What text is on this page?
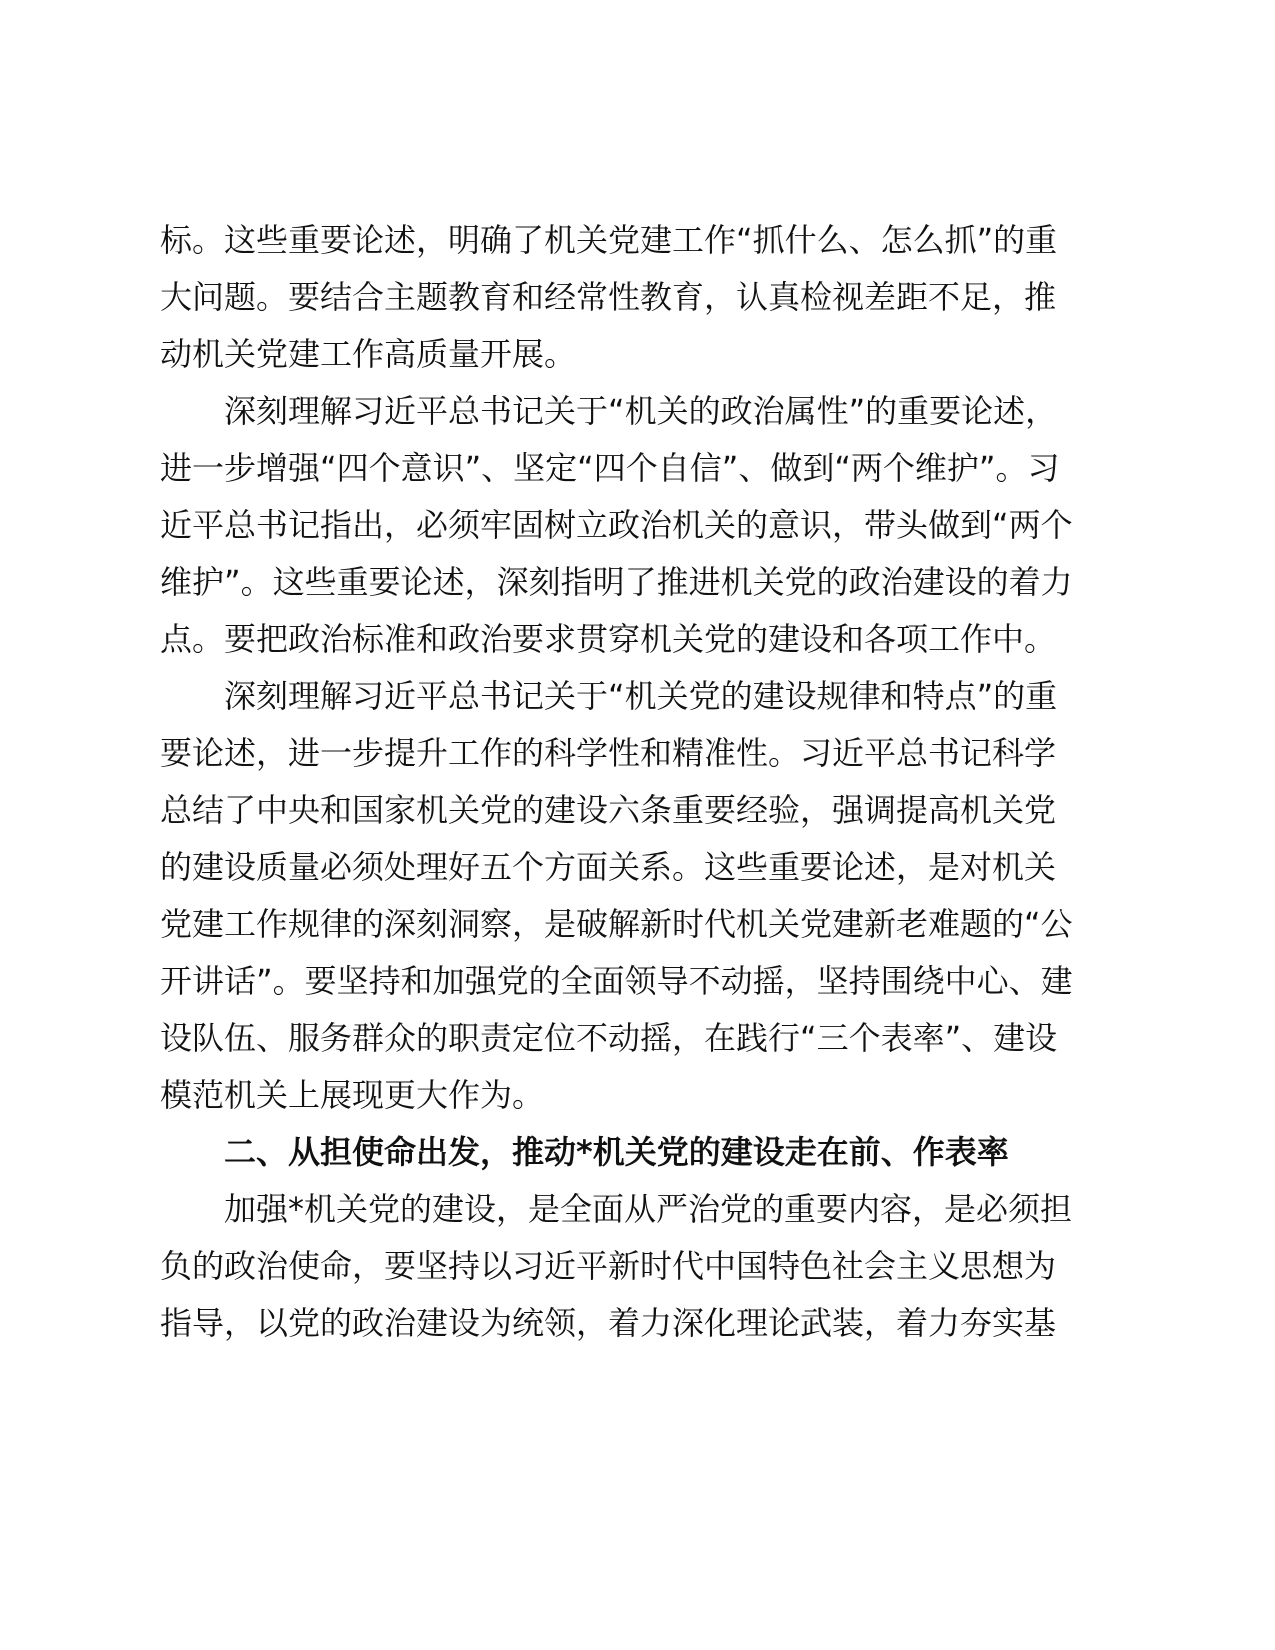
标。这些重要论述，明确了机关党建工作“抓什么、怎么抓”的重
大问题。要结合主题教育和经常性教育，认真检视差距不足，推
动机关党建工作高质量开展。
深刻理解习近平总书记关于“机关的政治属性”的重要论述，
进一步增强“四个意识”、坚定“四个自信”、做到“两个维护”。习
近平总书记指出，必须牢固树立政治机关的意识，带头做到“两个
维护”。这些重要论述，深刻指明了推进机关党的政治建设的着力
点。要把政治标准和政治要求贯穿机关党的建设和各项工作中。
深刻理解习近平总书记关于“机关党的建设规律和特点”的重
要论述，进一步提升工作的科学性和精准性。习近平总书记科学
总结了中央和国家机关党的建设六条重要经验，强调提高机关党
的建设质量必须处理好五个方面关系。这些重要论述，是对机关
党建工作规律的深刻洞察，是破解新时代机关党建新老难题的“公
开讲话”。要坚持和加强党的全面领导不动摇，坚持围绕中心、建
设队伍、服务群众的职责定位不动摇，在践行“三个表率”、建设
模范机关上展现更大作为。
二、从担使命出发，推动*机关党的建设走在前、作表率
加强*机关党的建设，是全面从严治党的重要内容，是必须担
负的政治使命，要坚持以习近平新时代中国特色社会主义思想为
指导，以党的政治建设为统领，着力深化理论武装，着力夯实基
